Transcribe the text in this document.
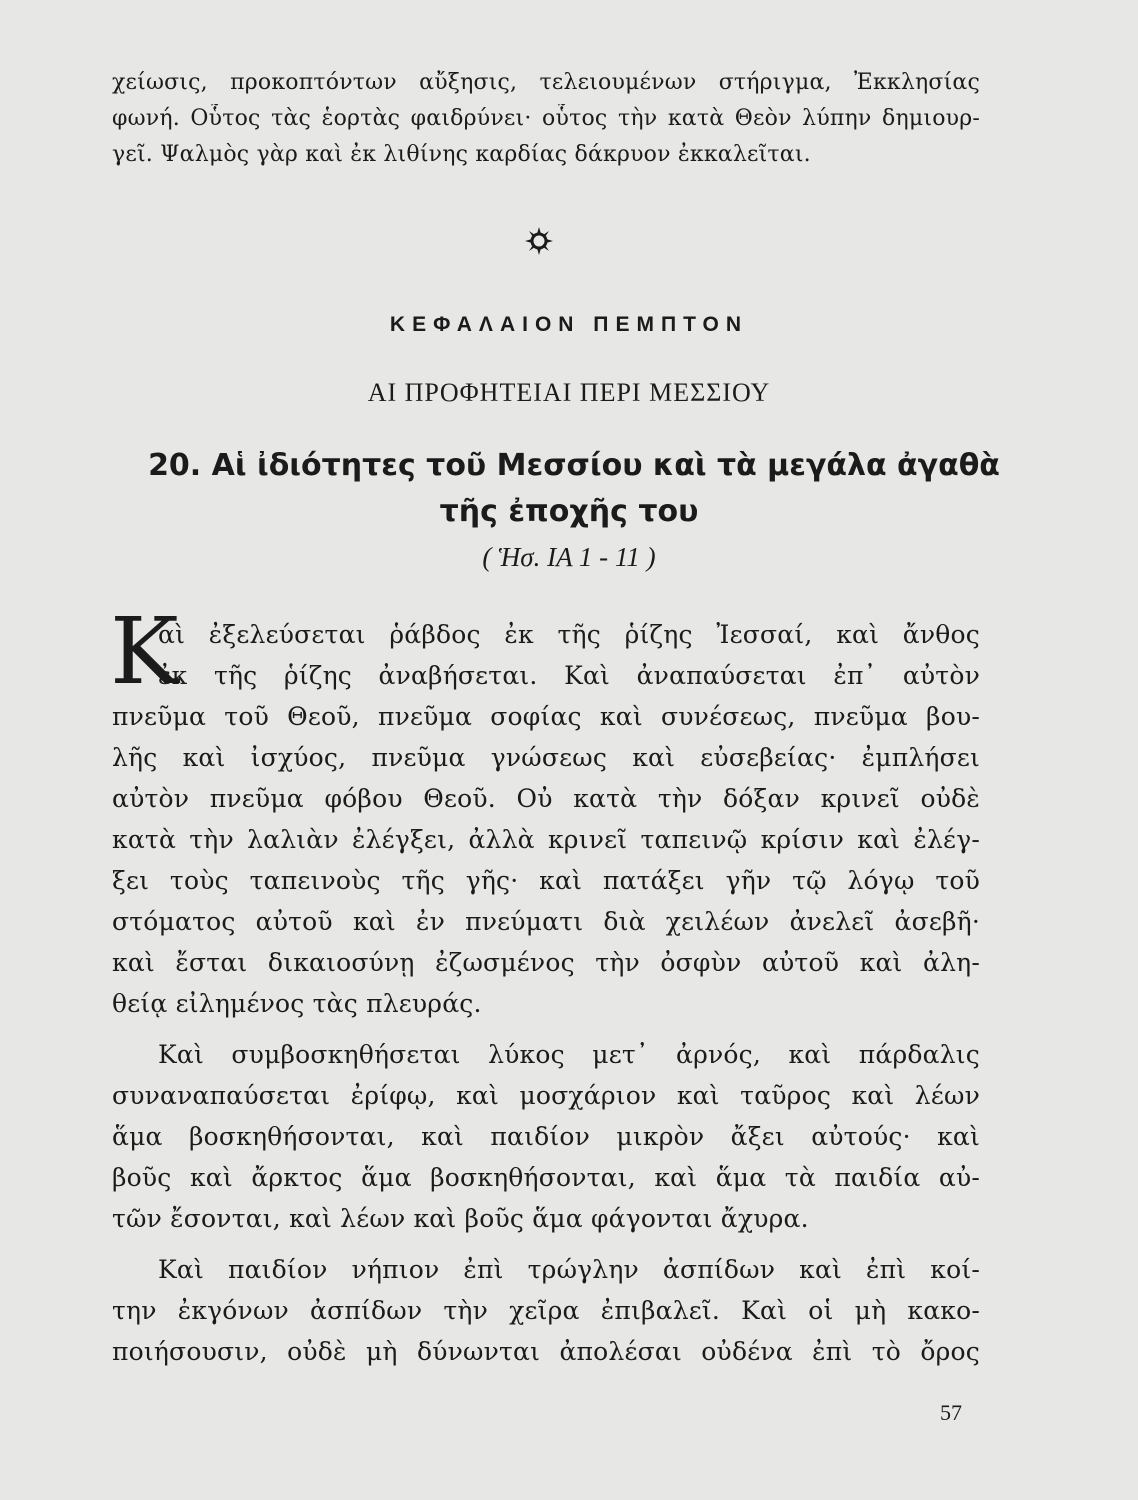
χείωσις, προκοπτόντων αὔξησις, τελειουμένων στήριγμα, Ἐκκλησίας
φωνή. Οὗτος τὰς ἑορτὰς φαιδρύνει· οὗτος τὴν κατὰ Θεὸν λύπην δημιουρ-
γεῖ. Ψαλμὸς γὰρ καὶ ἐκ λιθίνης καρδίας δάκρυον ἐκκαλεῖται.
ΚΕΦΑΛΑΙΟΝ ΠΕΜΠΤΟΝ
ΑΙ ΠΡΟΦΗΤΕΙΑΙ ΠΕΡΙ ΜΕΣΣΙΟΥ
20. Αἱ ἰδιότητες τοῦ Μεσσίου καὶ τὰ μεγάλα ἀγαθὰ
τῆς ἐποχῆς του
( Ἡσ. ΙΑ 1 - 11 )
Κ
αὶ ἐξελεύσεται ῥάβδος ἐκ τῆς ῥίζης Ἰεσσαί, καὶ ἄνθος
ἐκ τῆς ῥίζης ἀναβήσεται. Καὶ ἀναπαύσεται ἐπ᾿ αὐτὸν
πνεῦμα τοῦ Θεοῦ, πνεῦμα σοφίας καὶ συνέσεως, πνεῦμα βου-
λῆς καὶ ἰσχύος, πνεῦμα γνώσεως καὶ εὐσεβείας· ἐμπλήσει
αὐτὸν πνεῦμα φόβου Θεοῦ. Οὐ κατὰ τὴν δόξαν κρινεῖ οὐδὲ
κατὰ τὴν λαλιὰν ἐλέγξει, ἀλλὰ κρινεῖ ταπεινῷ κρίσιν καὶ ἐλέγ-
ξει τοὺς ταπεινοὺς τῆς γῆς· καὶ πατάξει γῆν τῷ λόγῳ τοῦ
στόματος αὐτοῦ καὶ ἐν πνεύματι διὰ χειλέων ἀνελεῖ ἀσεβῆ·
καὶ ἔσται δικαιοσύνῃ ἐζωσμένος τὴν ὀσφὺν αὐτοῦ καὶ ἀλη-
θείᾳ εἰλημένος τὰς πλευράς.
Καὶ συμβοσκηθήσεται λύκος μετ᾿ ἀρνός, καὶ πάρδαλις
συναναπαύσεται ἐρίφῳ, καὶ μοσχάριον καὶ ταῦρος καὶ λέων
ἅμα βοσκηθήσονται, καὶ παιδίον μικρὸν ἄξει αὐτούς· καὶ
βοῦς καὶ ἄρκτος ἅμα βοσκηθήσονται, καὶ ἅμα τὰ παιδία αὐ-
τῶν ἔσονται, καὶ λέων καὶ βοῦς ἅμα φάγονται ἄχυρα.
Καὶ παιδίον νήπιον ἐπὶ τρώγλην ἀσπίδων καὶ ἐπὶ κοί-
την ἐκγόνων ἀσπίδων τὴν χεῖρα ἐπιβαλεῖ. Καὶ οἱ μὴ κακο-
ποιήσουσιν, οὐδὲ μὴ δύνωνται ἀπολέσαι οὐδένα ἐπὶ τὸ ὄρος
57
